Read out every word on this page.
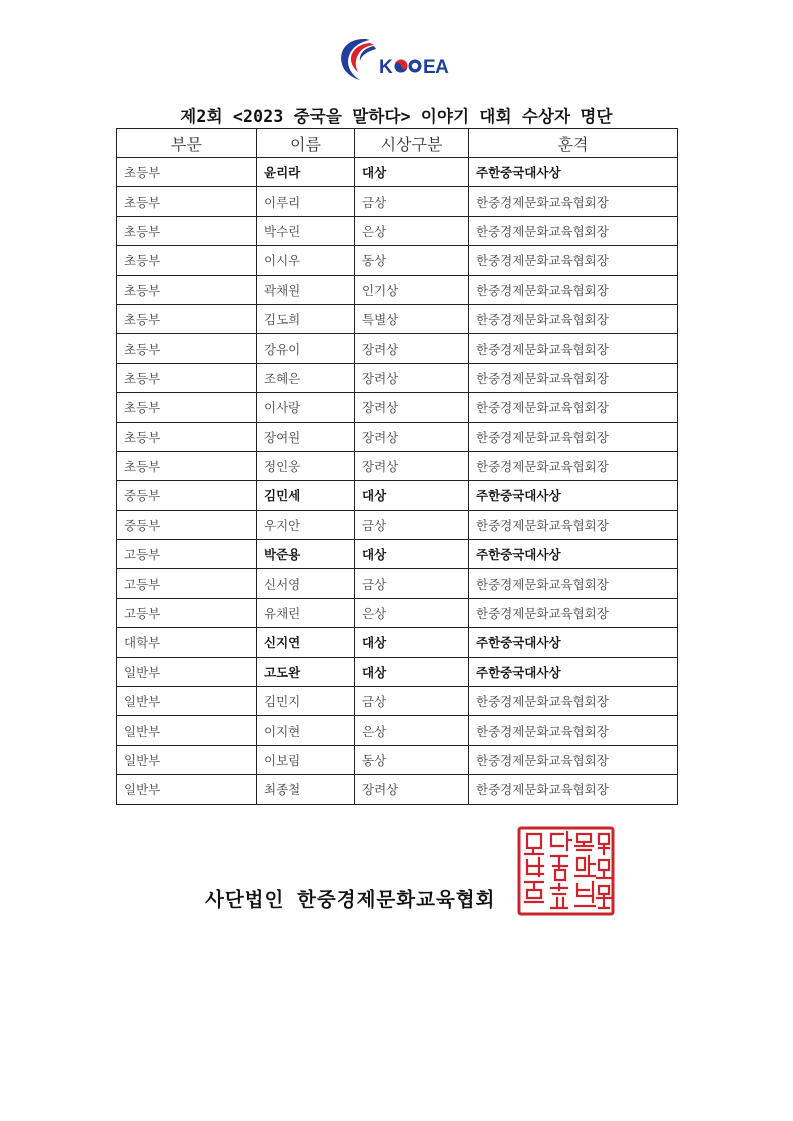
K EA
제2회 <2023 중국을 말하다> 이야기 대회 수상자 명단
부문	이름	시상구분	훈격
초등부	윤리라	대상	주한중국대사상
초등부	이루리	금상	한중경제문화교육협회장
초등부	박수린	은상	한중경제문화교육협회장
초등부	이시우	동상	한중경제문화교육협회장
초등부	곽채원	인기상	한중경제문화교육협회장
초등부	김도희	특별상	한중경제문화교육협회장
초등부	강유이	장려상	한중경제문화교육협회장
초등부	조혜은	장려상	한중경제문화교육협회장
초등부	이사랑	장려상	한중경제문화교육협회장
초등부	장여원	장려상	한중경제문화교육협회장
초등부	정인웅	장려상	한중경제문화교육협회장
중등부	김민세	대상	주한중국대사상
중등부	우지안	금상	한중경제문화교육협회장
고등부	박준용	대상	주한중국대사상
고등부	신서영	금상	한중경제문화교육협회장
고등부	유채린	은상	한중경제문화교육협회장
대학부	신지연	대상	주한중국대사상
일반부	고도완	대상	주한중국대사상
일반부	김민지	금상	한중경제문화교육협회장
일반부	이지현	은상	한중경제문화교육협회장
일반부	이보림	동상	한중경제문화교육협회장
일반부	최종철	장려상	한중경제문화교육협회장
사단법인 한중경제문화교육협회
